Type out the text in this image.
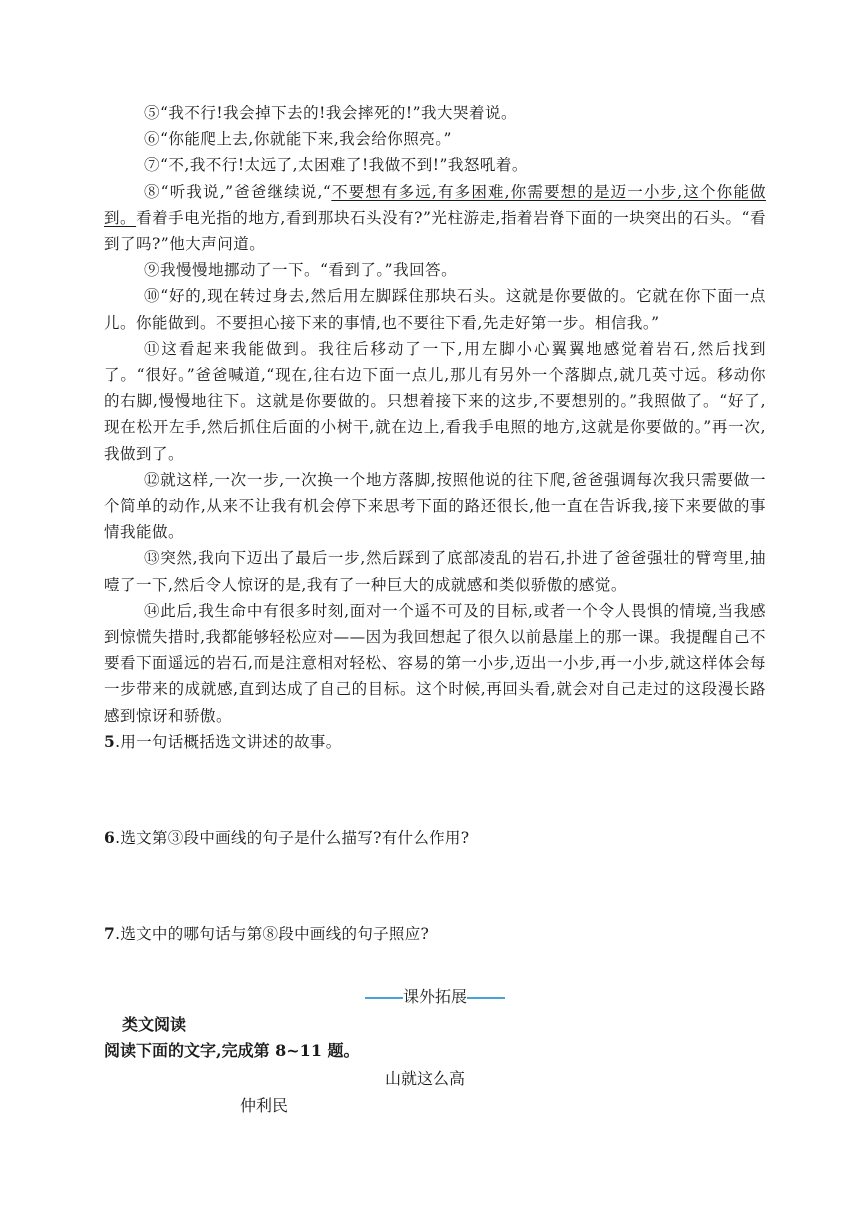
⑤“我不行!我会掉下去的!我会摔死的!”我大哭着说。

⑥“你能爬上去,你就能下来,我会给你照亮。”

⑦“不,我不行!太远了,太困难了!我做不到!”我怒吼着。

⑧“听我说,”爸爸继续说,“不要想有多远,有多困难,你需要想的是迈一小步,这个你能做到。看着手电光指的地方,看到那块石头没有?”光柱游走,指着岩脊下面的一块突出的石头。“看到了吗?”他大声问道。

⑨我慢慢地挪动了一下。“看到了。”我回答。

⑩“好的,现在转过身去,然后用左脚踩住那块石头。这就是你要做的。它就在你下面一点儿。你能做到。不要担心接下来的事情,也不要往下看,先走好第一步。相信我。”

⑪这看起来我能做到。我往后移动了一下,用左脚小心翼翼地感觉着岩石,然后找到了。“很好。”爸爸喊道,“现在,往右边下面一点儿,那儿有另外一个落脚点,就几英寸远。移动你的右脚,慢慢地往下。这就是你要做的。只想着接下来的这步,不要想别的。”我照做了。“好了,现在松开左手,然后抓住后面的小树干,就在边上,看我手电照的地方,这就是你要做的。”再一次,我做到了。

⑫就这样,一次一步,一次换一个地方落脚,按照他说的往下爬,爸爸强调每次我只需要做一个简单的动作,从来不让我有机会停下来思考下面的路还很长,他一直在告诉我,接下来要做的事情我能做。

⑬突然,我向下迈出了最后一步,然后踩到了底部凌乱的岩石,扑进了爸爸强壮的臂弯里,抽噎了一下,然后令人惊讶的是,我有了一种巨大的成就感和类似骄傲的感觉。

⑭此后,我生命中有很多时刻,面对一个遥不可及的目标,或者一个令人畏惧的情境,当我感到惊慌失措时,我都能够轻松应对——因为我回想起了很久以前悬崖上的那一课。我提醒自己不要看下面遥远的岩石,而是注意相对轻松、容易的第一小步,迈出一小步,再一小步,就这样体会每一步带来的成就感,直到达成了自己的目标。这个时候,再回头看,就会对自己走过的这段漫长路感到惊讶和骄傲。

5.用一句话概括选文讲述的故事。

6.选文第③段中画线的句子是什么描写?有什么作用?

7.选文中的哪句话与第⑧段中画线的句子照应?

课外拓展
类文阅读
阅读下面的文字,完成第 8~11 题。
山就这么高
仲利民
